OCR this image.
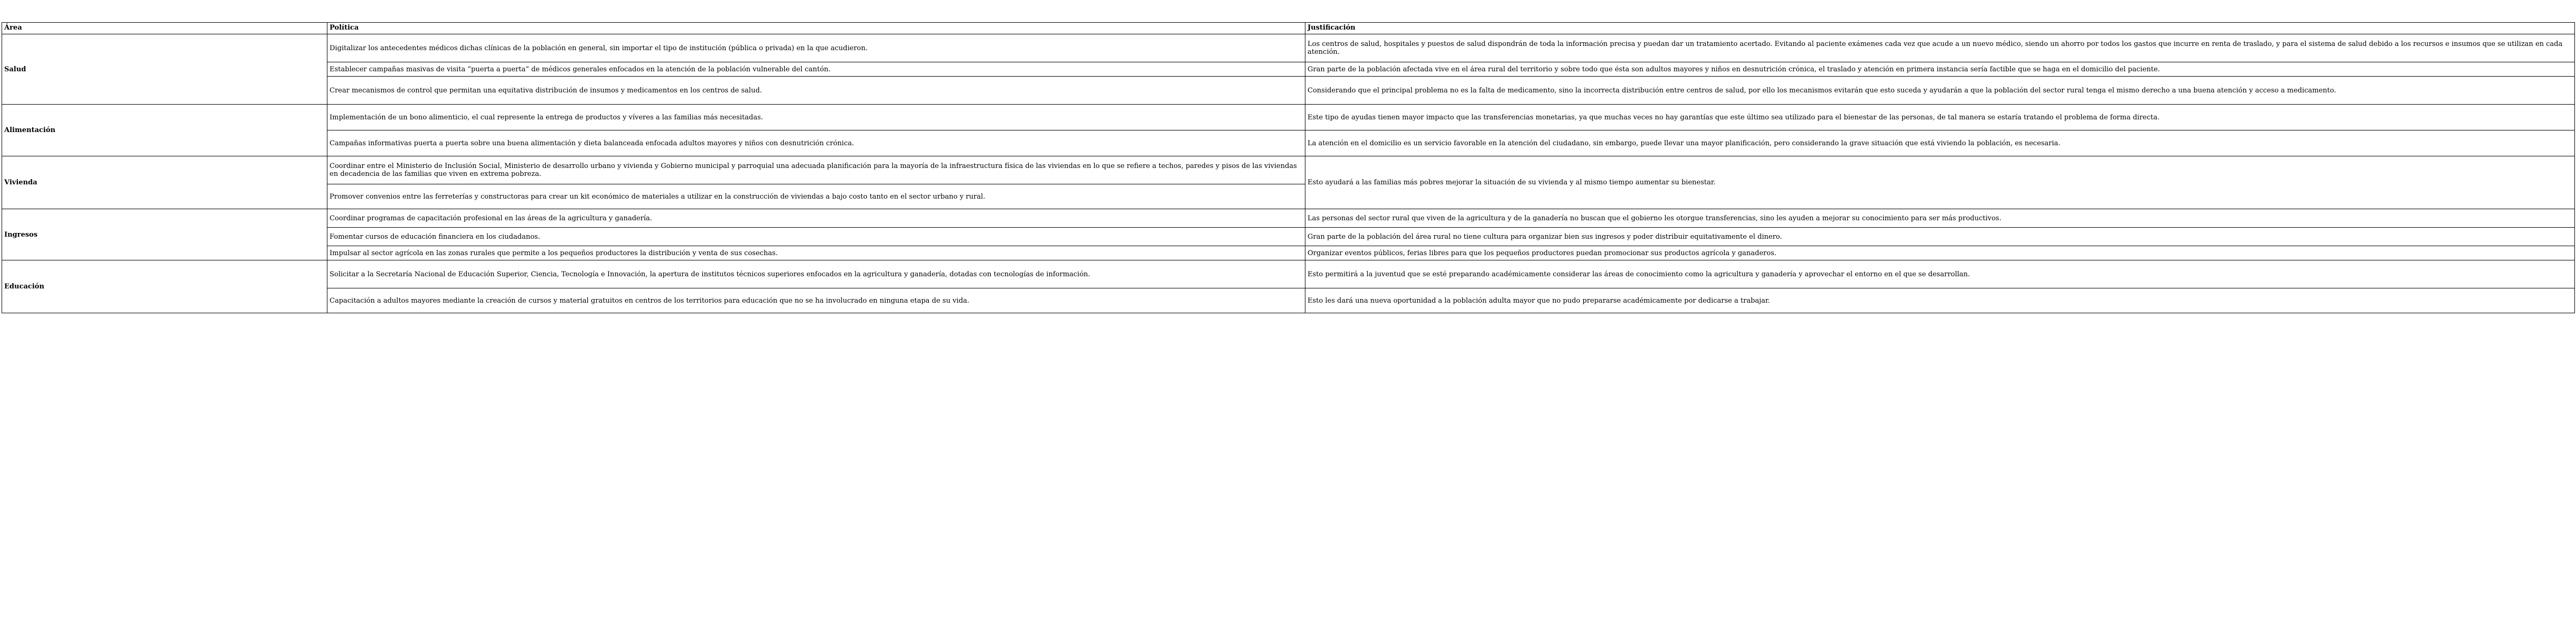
Área	Política	Justificación
Salud	Digitalizar los antecedentes médicos dichas clínicas de la población en general, sin importar el tipo de institución (pública o privada) en la que acudieron.	Los centros de salud, hospitales y puestos de salud dispondrán de toda la información precisa y puedan dar un tratamiento acertado. Evitando al paciente exámenes cada vez que acude a un nuevo médico, siendo un ahorro por todos los gastos que incurre en renta de traslado, y para el sistema de salud debido a los recursos e insumos que se utilizan en cada atención.
	Establecer campañas masivas de visita “puerta a puerta” de médicos generales enfocados en la atención de la población vulnerable del cantón.	Gran parte de la población afectada vive en el área rural del territorio y sobre todo que ésta son adultos mayores y niños en desnutrición crónica, el traslado y atención en primera instancia sería factible que se haga en el domicilio del paciente.
	Crear mecanismos de control que permitan una equitativa distribución de insumos y medicamentos en los centros de salud.	Considerando que el principal problema no es la falta de medicamento, sino la incorrecta distribución entre centros de salud, por ello los mecanismos evitarán que esto suceda y ayudarán a que la población del sector rural tenga el mismo derecho a una buena atención y acceso a medicamento.
Alimentación	Implementación de un bono alimenticio, el cual represente la entrega de productos y víveres a las familias más necesitadas.	Este tipo de ayudas tienen mayor impacto que las transferencias monetarias, ya que muchas veces no hay garantías que este último sea utilizado para el bienestar de las personas, de tal manera se estaría tratando el problema de forma directa.
	Campañas informativas puerta a puerta sobre una buena alimentación y dieta balanceada enfocada adultos mayores y niños con desnutrición crónica.	La atención en el domicilio es un servicio favorable en la atención del ciudadano, sin embargo, puede llevar una mayor planificación, pero considerando la grave situación que está viviendo la población, es necesaria.
Vivienda	Coordinar entre el Ministerio de Inclusión Social, Ministerio de desarrollo urbano y vivienda y Gobierno municipal y parroquial una adecuada planificación para la mayoría de la infraestructura física de las viviendas en lo que se refiere a techos, paredes y pisos de las viviendas en decadencia de las familias que viven en extrema pobreza.	Esto ayudará a las familias más pobres mejorar la situación de su vivienda y al mismo tiempo aumentar su bienestar.
	Promover convenios entre las ferreterías y constructoras para crear un kit económico de materiales a utilizar en la construcción de viviendas a bajo costo tanto en el sector urbano y rural.	
Ingresos	Coordinar programas de capacitación profesional en las áreas de la agricultura y ganadería.	Las personas del sector rural que viven de la agricultura y de la ganadería no buscan que el gobierno les otorgue transferencias, sino les ayuden a mejorar su conocimiento para ser más productivos.
	Fomentar cursos de educación financiera en los ciudadanos.	Gran parte de la población del área rural no tiene cultura para organizar bien sus ingresos y poder distribuir equitativamente el dinero.
	Impulsar al sector agrícola en las zonas rurales que permite a los pequeños productores la distribución y venta de sus cosechas.	Organizar eventos públicos, ferias libres para que los pequeños productores puedan promocionar sus productos agrícola y ganaderos.
Educación	Solicitar a la Secretaría Nacional de Educación Superior, Ciencia, Tecnología e Innovación, la apertura de institutos técnicos superiores enfocados en la agricultura y ganadería, dotadas con tecnologías de información.	Esto permitirá a la juventud que se esté preparando académicamente considerar las áreas de conocimiento como la agricultura y ganadería y aprovechar el entorno en el que se desarrollan.
	Capacitación a adultos mayores mediante la creación de cursos y material gratuitos en centros de los territorios para educación que no se ha involucrado en ninguna etapa de su vida.	Esto les dará una nueva oportunidad a la población adulta mayor que no pudo prepararse académicamente por dedicarse a trabajar.
